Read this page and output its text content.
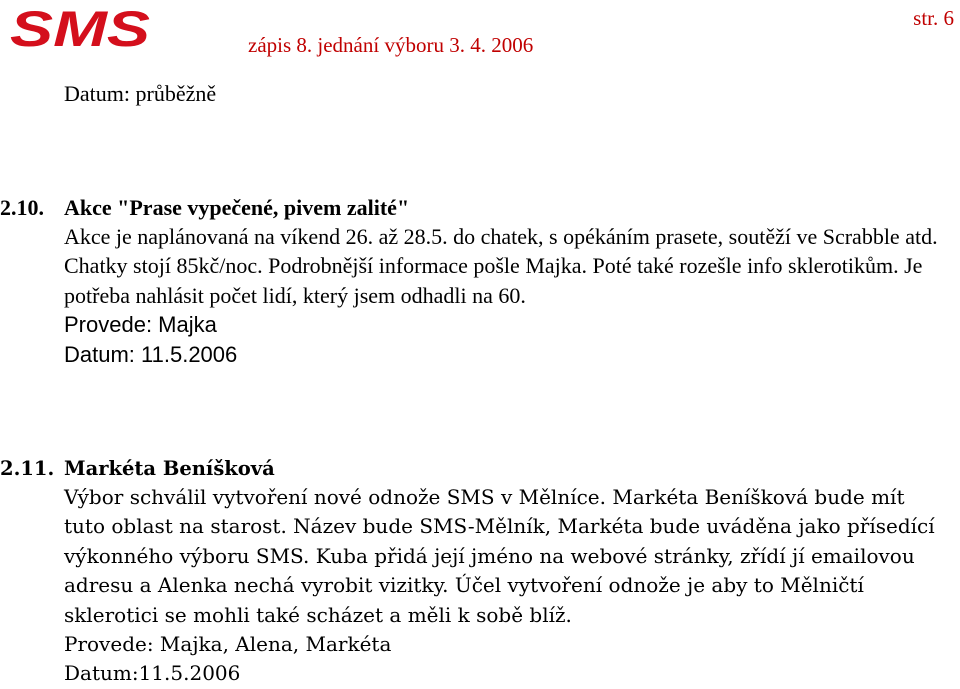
SMS	zápis 8. jednání výboru 3. 4. 2006
str. 6
Datum: průběžně
2.10. Akce "Prase vypečené, pivem zalité"
Akce je naplánovaná na víkend 26. až 28.5. do chatek, s opékáním prasete, soutěží ve Scrabble atd. Chatky stojí 85kč/noc. Podrobnější informace pošle Majka. Poté také rozešle info sklerotikům. Je potřeba nahlásit počet lidí, který jsem odhadli na 60.
Provede: Majka
Datum: 11.5.2006
2.11. Markéta Beníšková
Výbor schválil vytvoření nové odnože SMS v Mělníce. Markéta Beníšková bude mít tuto oblast na starost. Název bude SMS-Mělník, Markéta bude uváděna jako přísedící výkonného výboru SMS. Kuba přidá její jméno na webové stránky, zřídí jí emailovou adresu a Alenka nechá vyrobit vizitky. Účel vytvoření odnože je aby to Mělničtí sklerotici se mohli také scházet a měli k sobě blíž.
Provede: Majka, Alena, Markéta
Datum:11.5.2006
